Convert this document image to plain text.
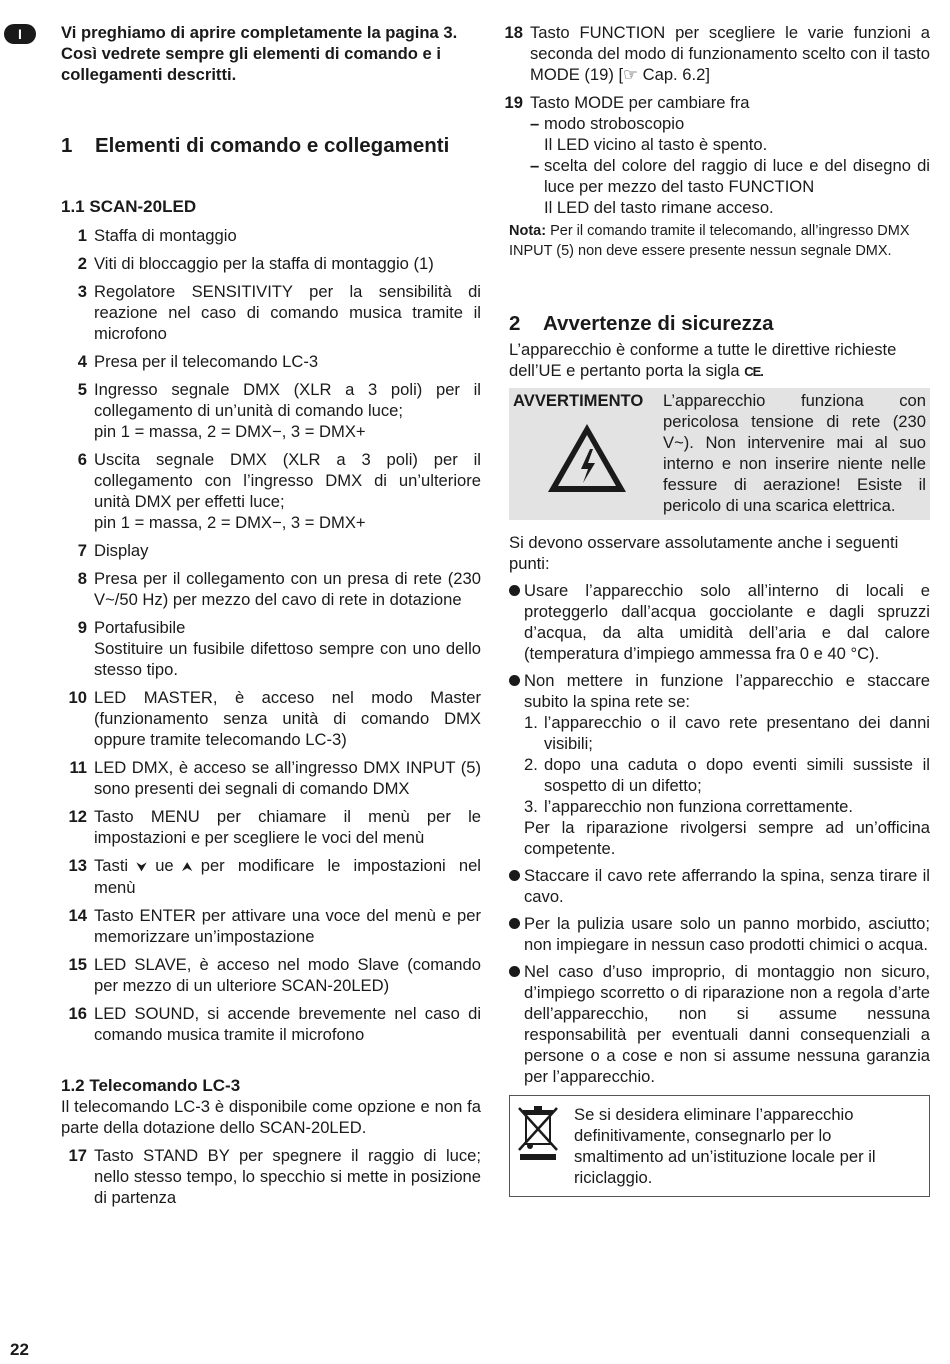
I	Vi preghiamo di aprire completamente la pagina 3. Così vedrete sempre gli elementi di comando e i collegamenti descritti.
1	Elementi di comando e collegamenti
1.1 SCAN-20LED
1 Staffa di montaggio
2 Viti di bloccaggio per la staffa di montaggio (1)
3 Regolatore SENSITIVITY per la sensibilità di reazione nel caso di comando musica tramite il microfono
4 Presa per il telecomando LC-3
5 Ingresso segnale DMX (XLR a 3 poli) per il collegamento di un’unità di comando luce;
pin 1 = massa, 2 = DMX−, 3 = DMX+
6 Uscita segnale DMX (XLR a 3 poli) per il collegamento con l’ingresso DMX di un’ulteriore unità DMX per effetti luce;
pin 1 = massa, 2 = DMX−, 3 = DMX+
7 Display
8 Presa per il collegamento con un presa di rete (230 V~/50 Hz) per mezzo del cavo di rete in dotazione
9 Portafusibile
Sostituire un fusibile difettoso sempre con uno dello stesso tipo.
10 LED MASTER, è acceso nel modo Master (funzionamento senza unità di comando DMX oppure tramite telecomando LC-3)
11 LED DMX, è acceso se all’ingresso DMX INPUT (5) sono presenti dei segnali di comando DMX
12 Tasto MENU per chiamare il menù per le impostazioni e per scegliere le voci del menù
13 Tasti ⮟ ue ⮝ per modificare le impostazioni nel menù
14 Tasto ENTER per attivare una voce del menù e per memorizzare un’impostazione
15 LED SLAVE, è acceso nel modo Slave (comando per mezzo di un ulteriore SCAN-20LED)
16 LED SOUND, si accende brevemente nel caso di comando musica tramite il microfono
1.2 Telecomando LC-3
Il telecomando LC-3 è disponibile come opzione e non fa parte della dotazione dello SCAN-20LED.
17 Tasto STAND BY per spegnere il raggio di luce; nello stesso tempo, lo specchio si mette in posizione di partenza
18 Tasto FUNCTION per scegliere le varie funzioni a seconda del modo di funzionamento scelto con il tasto MODE (19) [☞ Cap. 6.2]
19 Tasto MODE per cambiare fra
– modo stroboscopio
Il LED vicino al tasto è spento.
– scelta del colore del raggio di luce e del disegno di luce per mezzo del tasto FUNCTION
Il LED del tasto rimane acceso.
Nota: Per il comando tramite il telecomando, all’ingresso DMX INPUT (5) non deve essere presente nessun segnale DMX.
2	Avvertenze di sicurezza
L’apparecchio è conforme a tutte le direttive richieste dell’UE e pertanto porta la sigla CE.
AVVERTIMENTO	L’apparecchio funziona con pericolosa tensione di rete (230 V~). Non intervenire mai al suo interno e non inserire niente nelle fessure di aerazione! Esiste il pericolo di una scarica elettrica.
Si devono osservare assolutamente anche i seguenti punti:
Usare l’apparecchio solo all’interno di locali e proteggerlo dall’acqua gocciolante e dagli spruzzi d’acqua, da alta umidità dell’aria e dal calore (temperatura d’impiego ammessa fra 0 e 40 °C).
Non mettere in funzione l’apparecchio e staccare subito la spina rete se:
1. l’apparecchio o il cavo rete presentano dei danni visibili;
2. dopo una caduta o dopo eventi simili sussiste il sospetto di un difetto;
3. l’apparecchio non funziona correttamente.
Per la riparazione rivolgersi sempre ad un’officina competente.
Staccare il cavo rete afferrando la spina, senza tirare il cavo.
Per la pulizia usare solo un panno morbido, asciutto; non impiegare in nessun caso prodotti chimici o acqua.
Nel caso d’uso improprio, di montaggio non sicuro, d’impiego scorretto o di riparazione non a regola d’arte dell’apparecchio, non si assume nessuna responsabilità per eventuali danni consequenziali a persone o a cose e non si assume nessuna garanzia per l’apparecchio.
Se si desidera eliminare l’apparecchio definitivamente, consegnarlo per lo smaltimento ad un’istituzione locale per il riciclaggio.
22
